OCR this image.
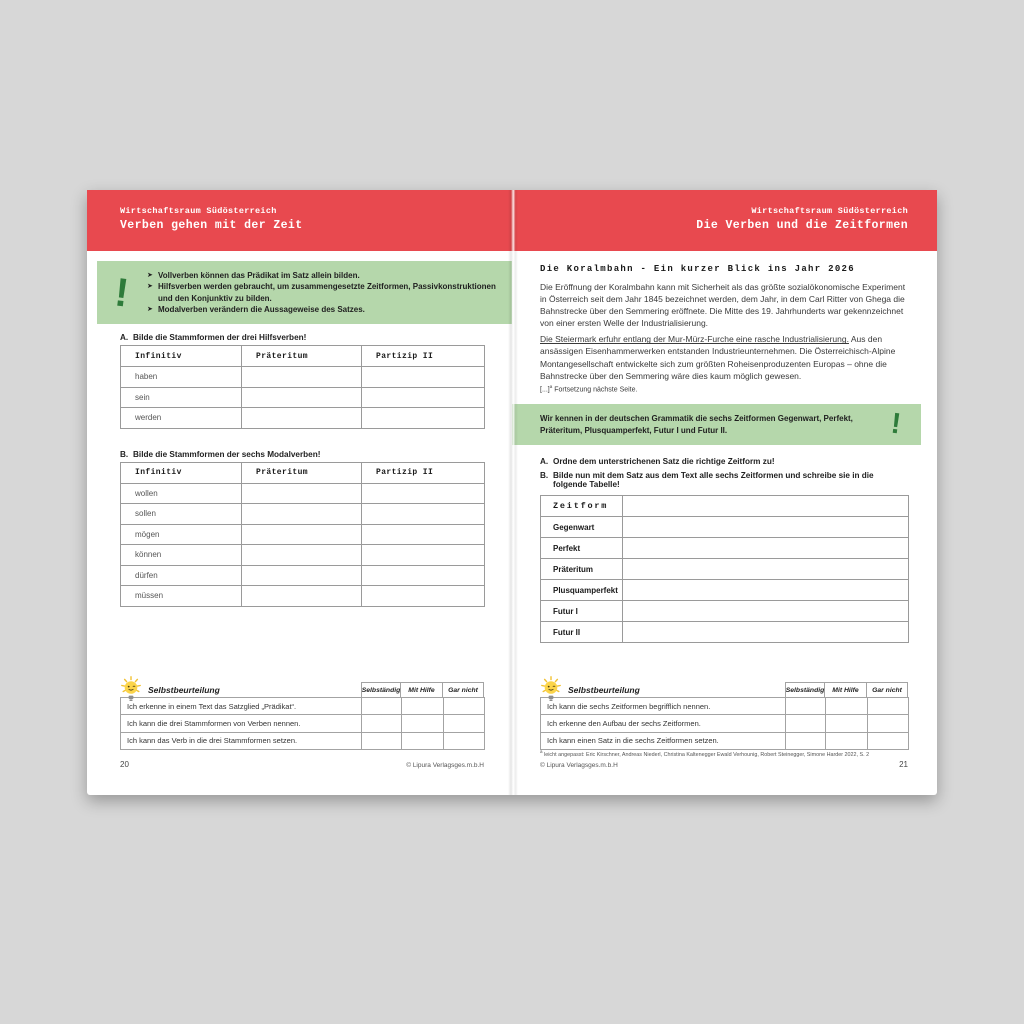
Wirtschaftsraum Südösterreich
Verben gehen mit der Zeit
! ➤ Vollverben können das Prädikat im Satz allein bilden.
➤ Hilfsverben werden gebraucht, um zusammengesetzte Zeitformen, Passivkonstruktionen und den Konjunktiv zu bilden.
➤ Modalverben verändern die Aussageweise des Satzes.
A. Bilde die Stammformen der drei Hilfsverben!
Infinitiv	Präteritum	Partizip II
haben		
sein		
werden		
B. Bilde die Stammformen der sechs Modalverben!
Infinitiv	Präteritum	Partizip II
wollen		
sollen		
mögen		
können		
dürfen		
müssen		
Selbstbeurteilung	Selbständig	Mit Hilfe	Gar nicht
Ich erkenne in einem Text das Satzglied „Prädikat“.			
Ich kann die drei Stammformen von Verben nennen.			
Ich kann das Verb in die drei Stammformen setzen.			
20	© Lipura Verlagsges.m.b.H
Wirtschaftsraum Südösterreich
Die Verben und die Zeitformen
Die Koralmbahn - Ein kurzer Blick ins Jahr 2026

Die Eröffnung der Koralmbahn kann mit Sicherheit als das größte sozialökonomische Experiment in Österreich seit dem Jahr 1845 bezeichnet werden, dem Jahr, in dem Carl Ritter von Ghega die Bahnstrecke über den Semmering eröffnete. Die Mitte des 19. Jahrhunderts war gekennzeichnet von einer ersten Welle der Industrialisierung.

Die Steiermark erfuhr entlang der Mur-Mürz-Furche eine rasche Industrialisierung. Aus den ansässigen Eisenhammerwerken entstanden Industrieunternehmen. Die Österreichisch-Alpine Montangesellschaft entwickelte sich zum größten Roheisenproduzenten Europas – ohne die Bahnstrecke über den Semmering wäre dies kaum möglich gewesen.

[...]$^a$ Fortsetzung nächste Seite.
Wir kennen in der deutschen Grammatik die sechs Zeitformen Gegenwart, Perfekt, Präteritum, Plusquamperfekt, Futur I und Futur II.	!
A. Ordne dem unterstrichenen Satz die richtige Zeitform zu!
B. Bilde nun mit dem Satz aus dem Text alle sechs Zeitformen und schreibe sie in die folgende Tabelle!
Zeitform	
Gegenwart	
Perfekt	
Präteritum	
Plusquamperfekt	
Futur I	
Futur II	
Selbstbeurteilung	Selbständig	Mit Hilfe	Gar nicht
Ich kann die sechs Zeitformen begrifflich nennen.			
Ich erkenne den Aufbau der sechs Zeitformen.			
Ich kann einen Satz in die sechs Zeitformen setzen.			
$^a$ leicht angepasst: Eric Kirschner, Andreas Niederl, Christina Kaltenegger Ewald Verhounig, Robert Steinegger, Simone Harder 2022, S. 2
© Lipura Verlagsges.m.b.H	21
